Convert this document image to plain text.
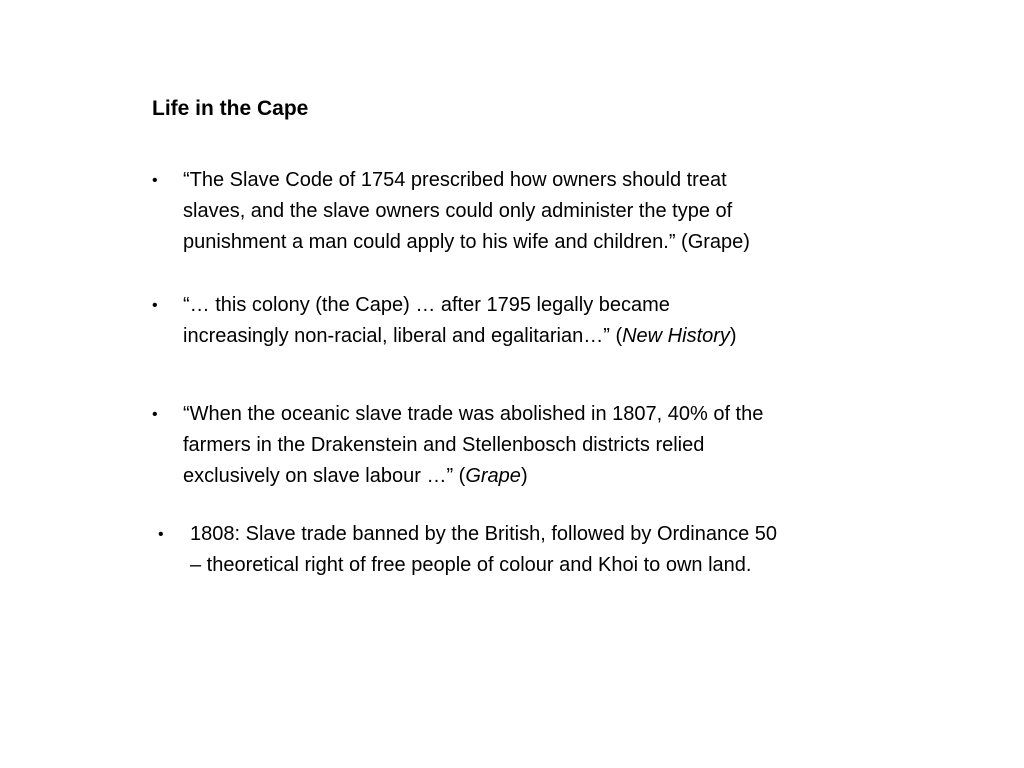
Life in the Cape
• “The Slave Code of 1754 prescribed how owners should treat
slaves, and the slave owners could only administer the type of
punishment a man could apply to his wife and children.” (Grape)
• “… this colony (the Cape) … after 1795 legally became
increasingly non-racial, liberal and egalitarian…” (New History)
• “When the oceanic slave trade was abolished in 1807, 40% of the
farmers in the Drakenstein and Stellenbosch districts relied
exclusively on slave labour …” (Grape)
• 1808: Slave trade banned by the British, followed by Ordinance 50
– theoretical right of free people of colour and Khoi to own land.
